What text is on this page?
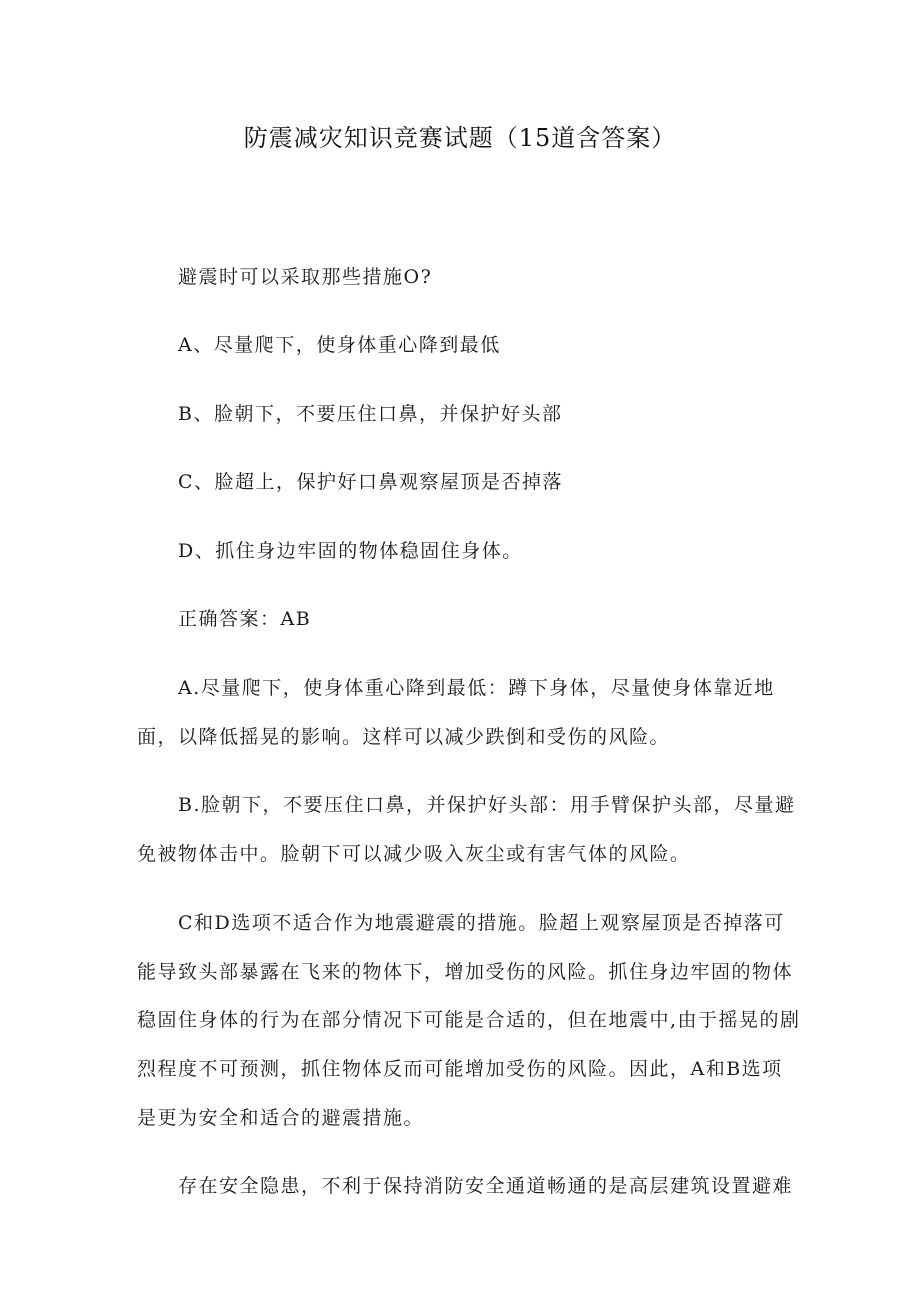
防震减灾知识竞赛试题（15道含答案）
避震时可以采取那些措施O?
A、尽量爬下，使身体重心降到最低
B、脸朝下，不要压住口鼻，并保护好头部
C、脸超上，保护好口鼻观察屋顶是否掉落
D、抓住身边牢固的物体稳固住身体。
正确答案：AB
A.尽量爬下，使身体重心降到最低：蹲下身体，尽量使身体靠近地
面，以降低摇晃的影响。这样可以减少跌倒和受伤的风险。
B.脸朝下，不要压住口鼻，并保护好头部：用手臂保护头部，尽量避
免被物体击中。脸朝下可以减少吸入灰尘或有害气体的风险。
C和D选项不适合作为地震避震的措施。脸超上观察屋顶是否掉落可
能导致头部暴露在飞来的物体下，增加受伤的风险。抓住身边牢固的物体
稳固住身体的行为在部分情况下可能是合适的，但在地震中,由于摇晃的剧
烈程度不可预测，抓住物体反而可能增加受伤的风险。因此，A和B选项
是更为安全和适合的避震措施。
存在安全隐患，不利于保持消防安全通道畅通的是高层建筑设置避难
